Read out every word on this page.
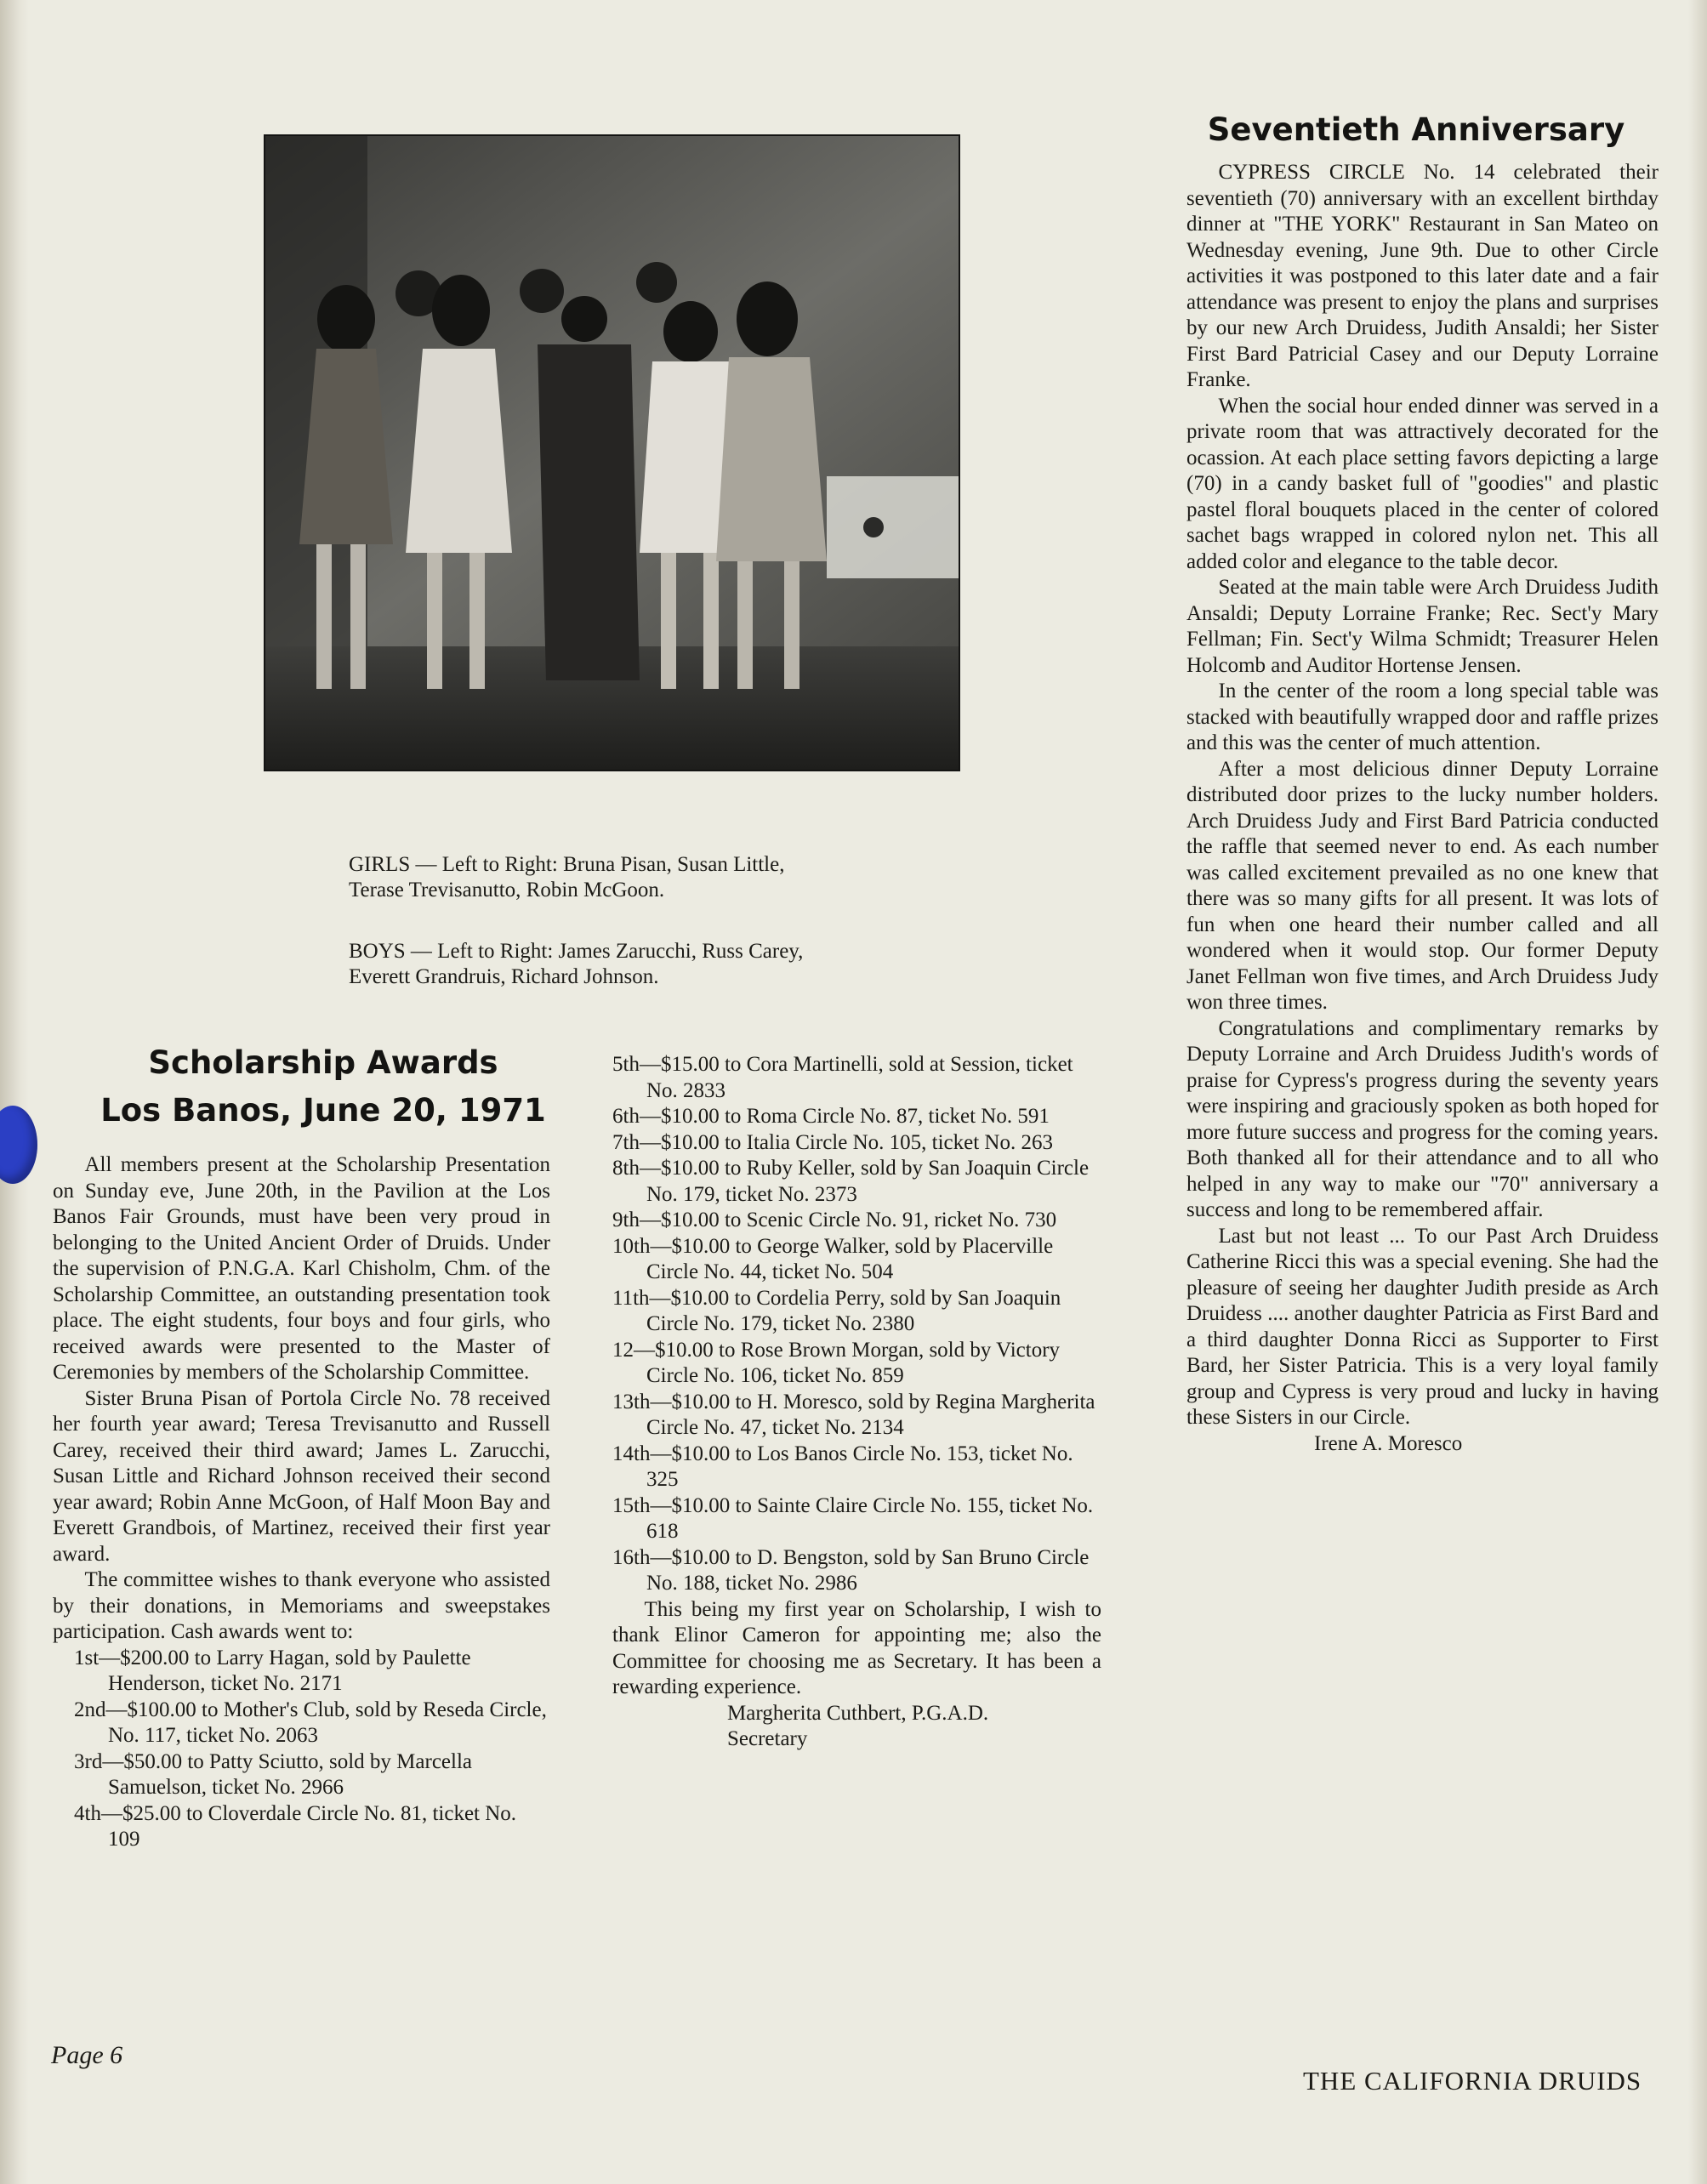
GIRLS — Left to Right: Bruna Pisan, Susan Little, Terase Trevisanutto, Robin McGoon.

BOYS — Left to Right: James Zarucchi, Russ Carey, Everett Grandruis, Richard Johnson.

Seventieth Anniversary

CYPRESS CIRCLE No. 14 celebrated their seventieth (70) anniversary with an excellent birthday dinner at "THE YORK" Restaurant in San Mateo on Wednesday evening, June 9th. Due to other Circle activities it was postponed to this later date and a fair attendance was present to enjoy the plans and surprises by our new Arch Druidess, Judith Ansaldi; her Sister First Bard Patricial Casey and our Deputy Lorraine Franke.

When the social hour ended dinner was served in a private room that was attractively decorated for the ocassion. At each place setting favors depicting a large (70) in a candy basket full of "goodies" and plastic pastel floral bouquets placed in the center of colored sachet bags wrapped in colored nylon net. This all added color and elegance to the table decor.

Seated at the main table were Arch Druidess Judith Ansaldi; Deputy Lorraine Franke; Rec. Sect'y Mary Fellman; Fin. Sect'y Wilma Schmidt; Treasurer Helen Holcomb and Auditor Hortense Jensen.

In the center of the room a long special table was stacked with beautifully wrapped door and raffle prizes and this was the center of much attention.

After a most delicious dinner Deputy Lorraine distributed door prizes to the lucky number holders. Arch Druidess Judy and First Bard Patricia conducted the raffle that seemed never to end. As each number was called excitement prevailed as no one knew that there was so many gifts for all present. It was lots of fun when one heard their number called and all wondered when it would stop. Our former Deputy Janet Fellman won five times, and Arch Druidess Judy won three times.

Congratulations and complimentary remarks by Deputy Lorraine and Arch Druidess Judith's words of praise for Cypress's progress during the seventy years were inspiring and graciously spoken as both hoped for more future success and progress for the coming years. Both thanked all for their attendance and to all who helped in any way to make our "70" anniversary a success and long to be remembered affair.

Last but not least ... To our Past Arch Druidess Catherine Ricci this was a special evening. She had the pleasure of seeing her daughter Judith preside as Arch Druidess .... another daughter Patricia as First Bard and a third daughter Donna Ricci as Supporter to First Bard, her Sister Patricia. This is a very loyal family group and Cypress is very proud and lucky in having these Sisters in our Circle.

Irene A. Moresco

Scholarship Awards
Los Banos, June 20, 1971

All members present at the Scholarship Presentation on Sunday eve, June 20th, in the Pavilion at the Los Banos Fair Grounds, must have been very proud in belonging to the United Ancient Order of Druids. Under the supervision of P.N.G.A. Karl Chisholm, Chm. of the Scholarship Committee, an outstanding presentation took place. The eight students, four boys and four girls, who received awards were presented to the Master of Ceremonies by members of the Scholarship Committee.

Sister Bruna Pisan of Portola Circle No. 78 received her fourth year award; Teresa Trevisanutto and Russell Carey, received their third award; James L. Zarucchi, Susan Little and Richard Johnson received their second year award; Robin Anne McGoon, of Half Moon Bay and Everett Grandbois, of Martinez, received their first year award.

The committee wishes to thank everyone who assisted by their donations, in Memoriams and sweepstakes participation. Cash awards went to:

1st—$200.00 to Larry Hagan, sold by Paulette Henderson, ticket No. 2171
2nd—$100.00 to Mother's Club, sold by Reseda Circle, No. 117, ticket No. 2063
3rd—$50.00 to Patty Sciutto, sold by Marcella Samuelson, ticket No. 2966
4th—$25.00 to Cloverdale Circle No. 81, ticket No. 109
5th—$15.00 to Cora Martinelli, sold at Session, ticket No. 2833
6th—$10.00 to Roma Circle No. 87, ticket No. 591
7th—$10.00 to Italia Circle No. 105, ticket No. 263
8th—$10.00 to Ruby Keller, sold by San Joaquin Circle No. 179, ticket No. 2373
9th—$10.00 to Scenic Circle No. 91, ricket No. 730
10th—$10.00 to George Walker, sold by Placerville Circle No. 44, ticket No. 504
11th—$10.00 to Cordelia Perry, sold by San Joaquin Circle No. 179, ticket No. 2380
12—$10.00 to Rose Brown Morgan, sold by Victory Circle No. 106, ticket No. 859
13th—$10.00 to H. Moresco, sold by Regina Margherita Circle No. 47, ticket No. 2134
14th—$10.00 to Los Banos Circle No. 153, ticket No. 325
15th—$10.00 to Sainte Claire Circle No. 155, ticket No. 618
16th—$10.00 to D. Bengston, sold by San Bruno Circle No. 188, ticket No. 2986

This being my first year on Scholarship, I wish to thank Elinor Cameron for appointing me; also the Committee for choosing me as Secretary. It has been a rewarding experience.

Margherita Cuthbert, P.G.A.D.
Secretary

Page 6

THE CALIFORNIA DRUIDS
